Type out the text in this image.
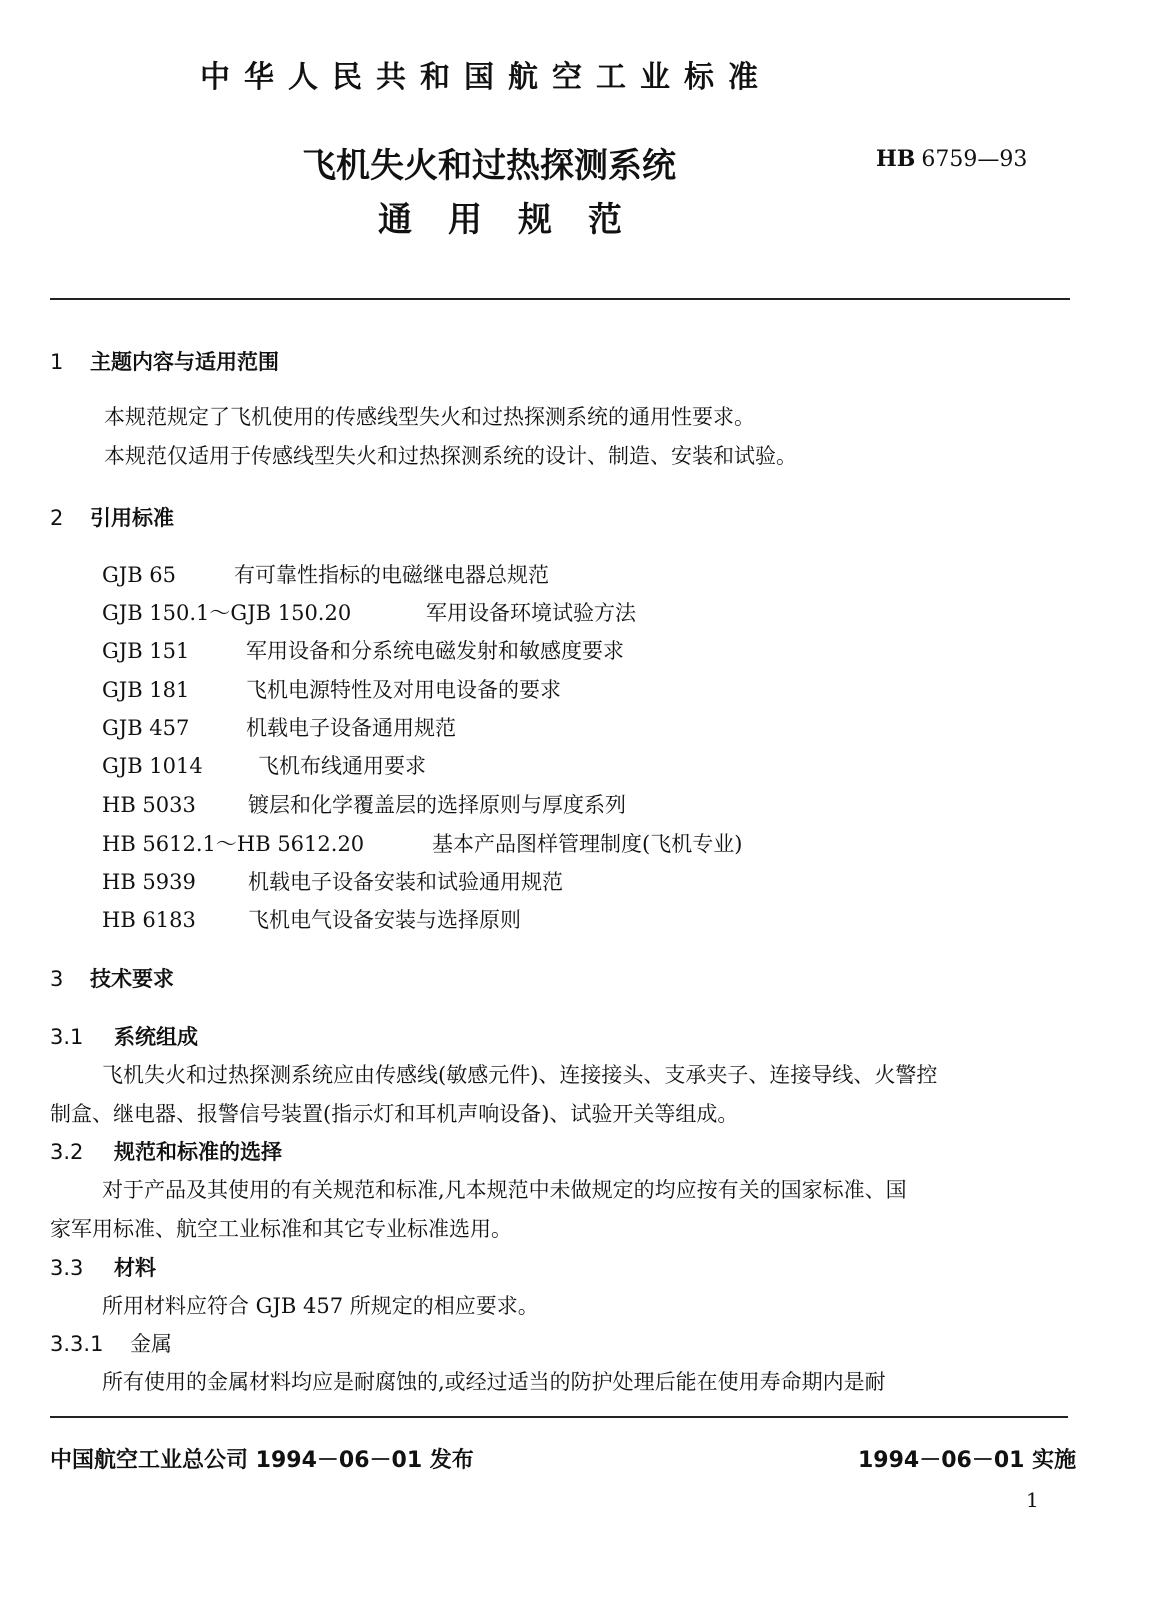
中华人民共和国航空工业标准
飞机失火和过热探测系统
通用规范
HB 6759—93
1 主题内容与适用范围
本规范规定了飞机使用的传感线型失火和过热探测系统的通用性要求。
本规范仅适用于传感线型失火和过热探测系统的设计、制造、安装和试验。
2 引用标准
GJB 65	有可靠性指标的电磁继电器总规范
GJB 150.1～GJB 150.20	军用设备环境试验方法
GJB 151	军用设备和分系统电磁发射和敏感度要求
GJB 181	飞机电源特性及对用电设备的要求
GJB 457	机载电子设备通用规范
GJB 1014	飞机布线通用要求
HB 5033 镀层和化学覆盖层的选择原则与厚度系列
HB 5612.1～HB 5612.20	基本产品图样管理制度(飞机专业)
HB 5939 机载电子设备安装和试验通用规范
HB 6183 飞机电气设备安装与选择原则
3 技术要求
3.1 系统组成
飞机失火和过热探测系统应由传感线(敏感元件)、连接接头、支承夹子、连接导线、火警控
制盒、继电器、报警信号装置(指示灯和耳机声响设备)、试验开关等组成。
3.2 规范和标准的选择
对于产品及其使用的有关规范和标准,凡本规范中未做规定的均应按有关的国家标准、国
家军用标准、航空工业标准和其它专业标准选用。
3.3 材料
所用材料应符合 GJB 457 所规定的相应要求。
3.3.1 金属
所有使用的金属材料均应是耐腐蚀的,或经过适当的防护处理后能在使用寿命期内是耐
中国航空工业总公司 1994－06－01 发布	1994－06－01 实施
1
